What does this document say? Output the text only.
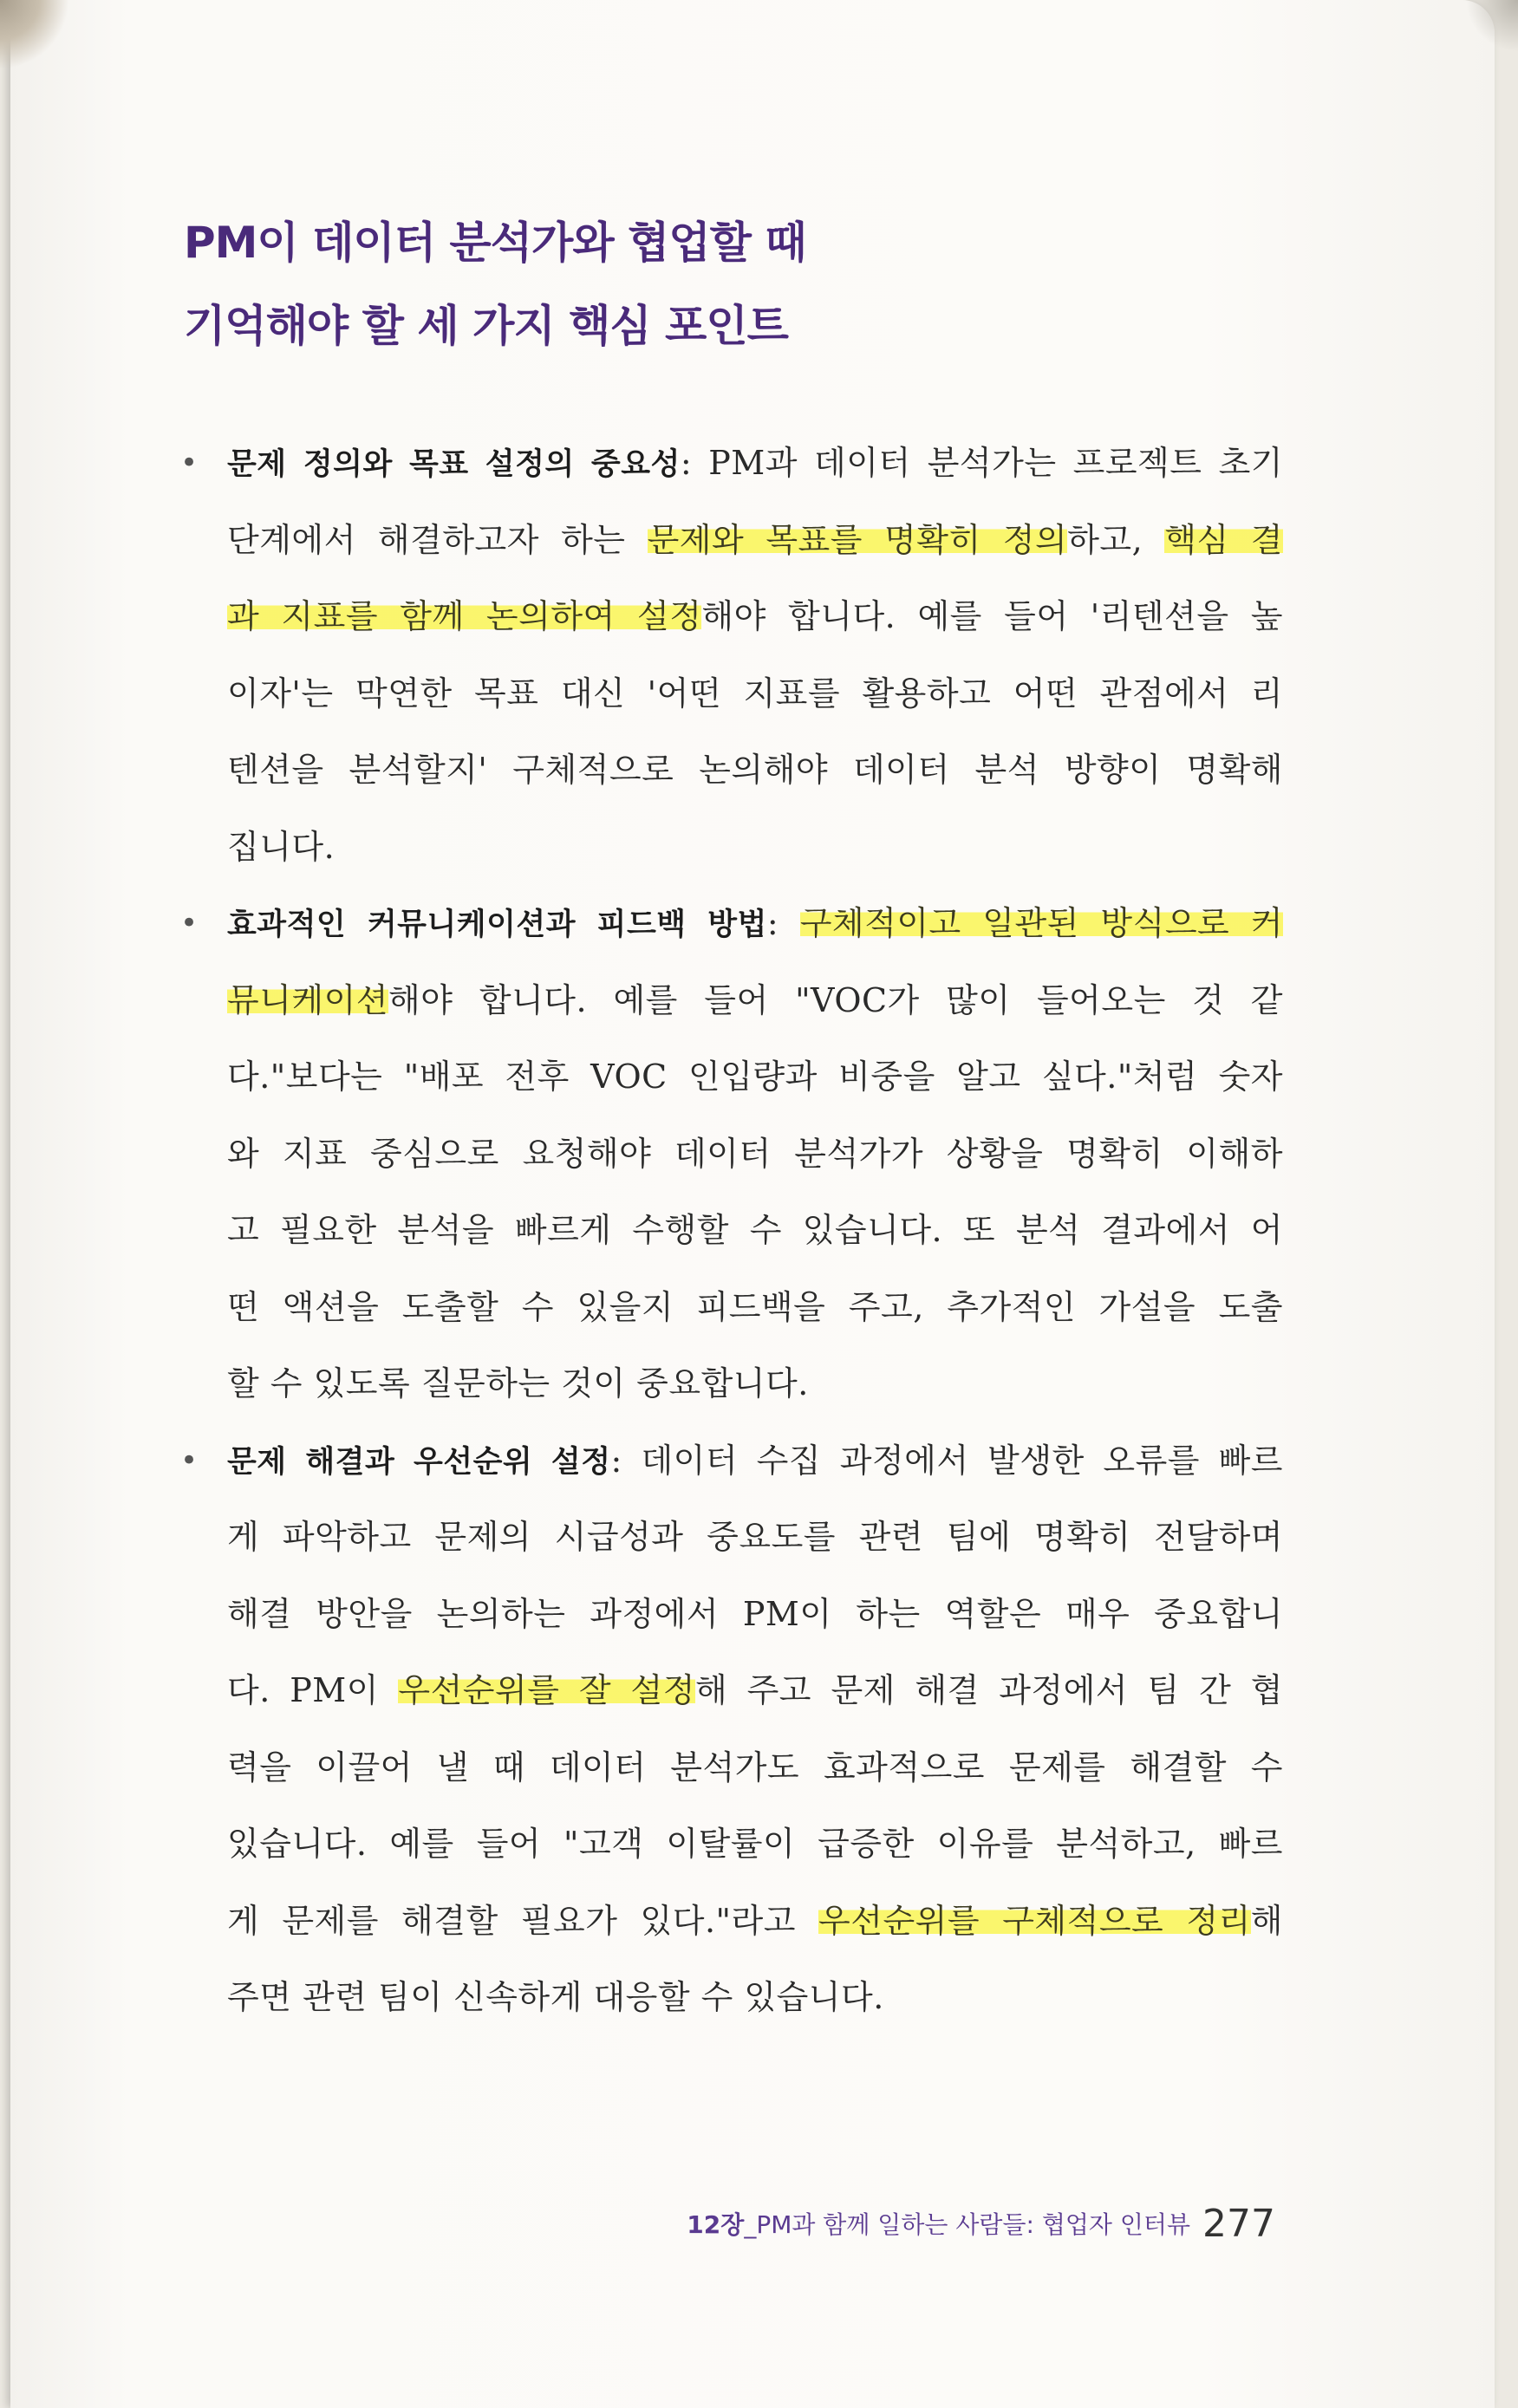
PM이 데이터 분석가와 협업할 때
기억해야 할 세 가지 핵심 포인트
• 문제 정의와 목표 설정의 중요성: PM과 데이터 분석가는 프로젝트 초기
단계에서 해결하고자 하는 문제와 목표를 명확히 정의하고, 핵심 결
과 지표를 함께 논의하여 설정해야 합니다. 예를 들어 '리텐션을 높
이자'는 막연한 목표 대신 '어떤 지표를 활용하고 어떤 관점에서 리
텐션을 분석할지' 구체적으로 논의해야 데이터 분석 방향이 명확해
집니다.
• 효과적인 커뮤니케이션과 피드백 방법: 구체적이고 일관된 방식으로 커
뮤니케이션해야 합니다. 예를 들어 "VOC가 많이 들어오는 것 같
다."보다는 "배포 전후 VOC 인입량과 비중을 알고 싶다."처럼 숫자
와 지표 중심으로 요청해야 데이터 분석가가 상황을 명확히 이해하
고 필요한 분석을 빠르게 수행할 수 있습니다. 또 분석 결과에서 어
떤 액션을 도출할 수 있을지 피드백을 주고, 추가적인 가설을 도출
할 수 있도록 질문하는 것이 중요합니다.
• 문제 해결과 우선순위 설정: 데이터 수집 과정에서 발생한 오류를 빠르
게 파악하고 문제의 시급성과 중요도를 관련 팀에 명확히 전달하며
해결 방안을 논의하는 과정에서 PM이 하는 역할은 매우 중요합니
다. PM이 우선순위를 잘 설정해 주고 문제 해결 과정에서 팀 간 협
력을 이끌어 낼 때 데이터 분석가도 효과적으로 문제를 해결할 수
있습니다. 예를 들어 "고객 이탈률이 급증한 이유를 분석하고, 빠르
게 문제를 해결할 필요가 있다."라고 우선순위를 구체적으로 정리해
주면 관련 팀이 신속하게 대응할 수 있습니다.
12장_PM과 함께 일하는 사람들: 협업자 인터뷰 277
